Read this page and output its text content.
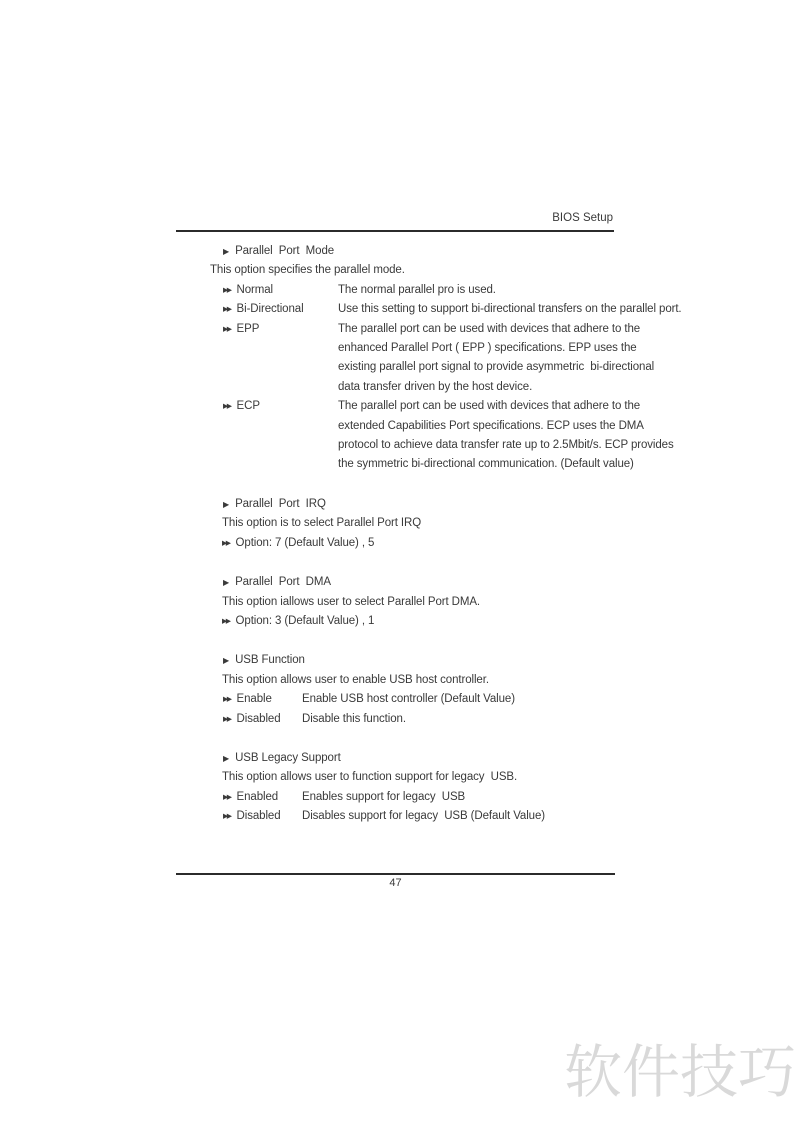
BIOS Setup
▶ Parallel  Port  Mode
This option specifies the parallel mode.
▸▸ Normal	The normal parallel pro is used.
▸▸ Bi-Directional	Use this setting to support bi-directional transfers on the parallel port.
▸▸ EPP	The parallel port can be used with devices that adhere to the
enhanced Parallel Port ( EPP ) specifications. EPP uses the
existing parallel port signal to provide asymmetric  bi-directional
data transfer driven by the host device.
▸▸ ECP	The parallel port can be used with devices that adhere to the
extended Capabilities Port specifications. ECP uses the DMA
protocol to achieve data transfer rate up to 2.5Mbit/s. ECP provides
the symmetric bi-directional communication. (Default value)
▶ Parallel  Port  IRQ
This option is to select Parallel Port IRQ
▸▸ Option: 7 (Default Value) , 5
▶ Parallel  Port  DMA
This option iallows user to select Parallel Port DMA.
▸▸ Option: 3 (Default Value) , 1
▶ USB Function
This option allows user to enable USB host controller.
▸▸ Enable	Enable USB host controller (Default Value)
▸▸ Disabled Disable this function.
▶ USB Legacy Support
This option allows user to function support for legacy  USB.
▸▸ Enabled Enables support for legacy  USB
▸▸ Disabled Disables support for legacy  USB (Default Value)
47
软件技巧
